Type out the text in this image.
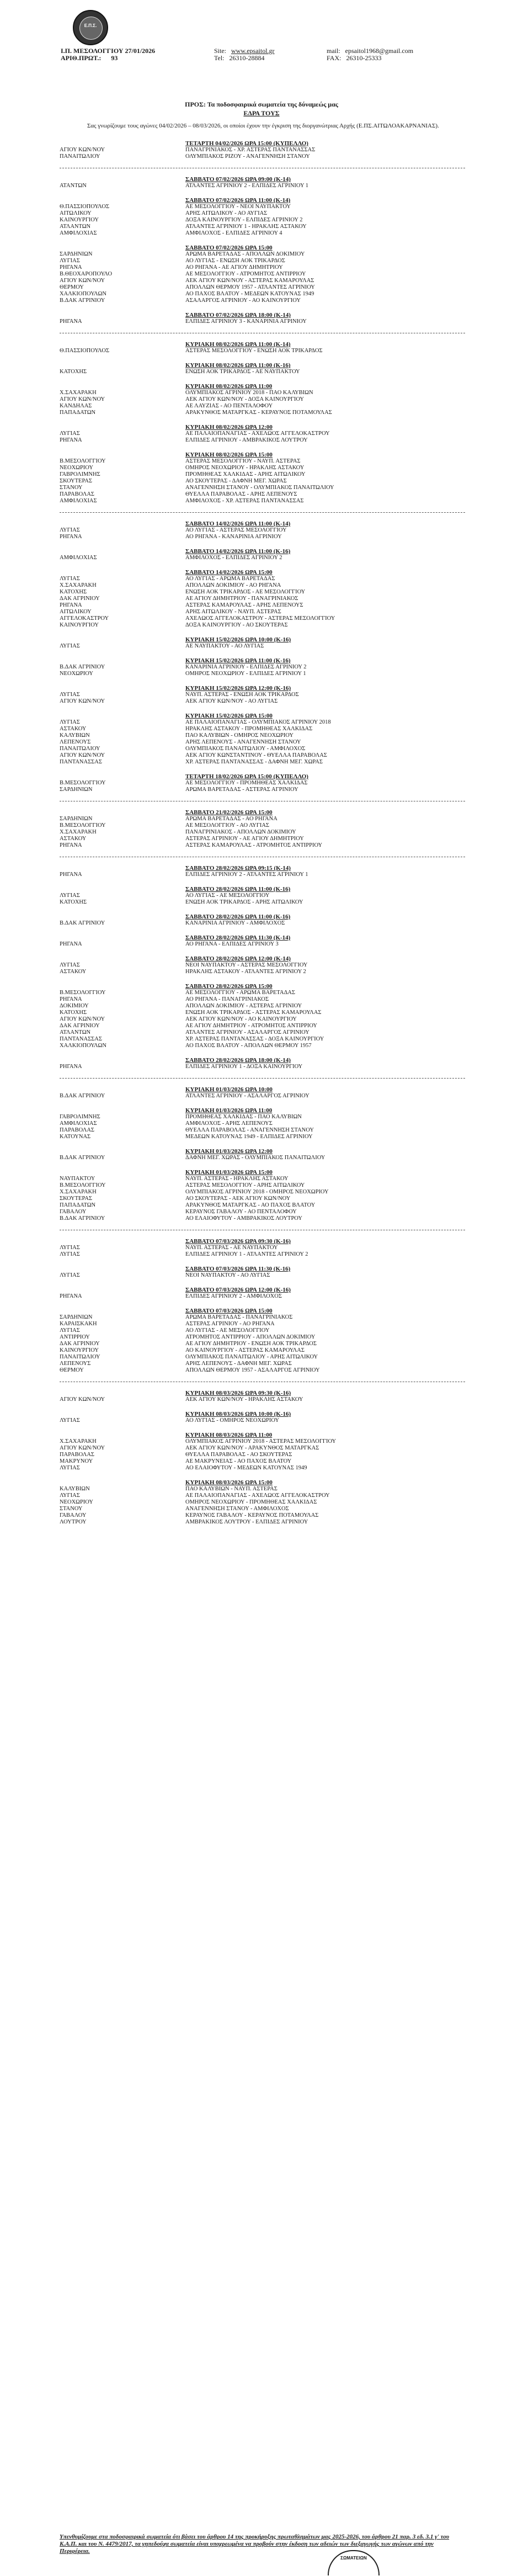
Ε.Π.Σ.
Ι.Π. ΜΕΣΟΛΟΓΓΙΟΥ 27/01/2026
ΑΡΙΘ.ΠΡΩΤ.: 93
Site: www.epsaitol.gr
Tel: 26310-28884
mail: epsaitol1968@gmail.com
FAX: 26310-25333
ΠΡΟΣ: Τα ποδοσφαιρικά σωματεία της δύναμεώς μας
ΕΔΡΑ ΤΟΥΣ
Σας γνωρίζουμε τους αγώνες 04/02/2026 – 08/03/2026, οι οποίοι έχουν την έγκριση της διοργανώτριας Αρχής (Ε.ΠΣ.ΑΙΤΩΛΟΑΚΑΡΝΑΝΙΑΣ).
ΤΕΤΑΡΤΗ 04/02/2026 ΩΡΑ 15:00 (ΚΥΠΕΛΛΟ)
ΑΓΙΟΥ ΚΩΝ/ΝΟΥ	ΠΑΝΑΓΡΙΝΙΑΚΟΣ - ΧΡ. ΑΣΤΕΡΑΣ ΠΑΝΤΑΝΑΣΣΑΣ
ΠΑΝΑΙΤΩΛΙΟΥ	ΟΛΥΜΠΙΑΚΟΣ ΡΙΖΟΥ - ΑΝΑΓΕΝΝΗΣΗ ΣΤΑΝΟΥ
ΣΑΒΒΑΤΟ 07/02/2026 ΩΡΑ 09:00 (Κ-14)
ΑΤΑΝΤΩΝ	ΑΤΛΑΝΤΕΣ ΑΓΡΙΝΙΟΥ 2 - ΕΛΠΙΔΕΣ ΑΓΡΙΝΙΟΥ 1
ΣΑΒΒΑΤΟ 07/02/2026 ΩΡΑ 11:00 (Κ-14)
Θ.ΠΑΣΣΙΟΠΟΥΛΟΣ	ΑΕ ΜΕΣΟΛΟΓΓΙΟΥ - ΝΕΟΙ ΝΑΥΠΑΚΤΟΥ
ΑΙΤΩΛΙΚΟΥ	ΑΡΗΣ ΑΙΤΩΛΙΚΟΥ - ΑΟ ΑΥΓΙΑΣ
ΚΑΙΝΟΥΡΓΙΟΥ	ΔΟΞΑ ΚΑΙΝΟΥΡΓΙΟΥ - ΕΛΠΙΔΕΣ ΑΓΡΙΝΙΟΥ 2
ΑΤΛΑΝΤΩΝ	ΑΤΛΑΝΤΕΣ ΑΓΡΙΝΙΟΥ 1 - ΗΡΑΚΛΗΣ ΑΣΤΑΚΟΥ
ΑΜΦΙΛΟΧΙΑΣ	ΑΜΦΙΛΟΧΟΣ - ΕΛΠΙΔΕΣ ΑΓΡΙΝΙΟΥ 4
ΣΑΒΒΑΤΟ 07/02/2026 ΩΡΑ 15:00
ΣΑΡΔΗΝΙΩΝ	ΑΡΩΜΑ ΒΑΡΕΤΑΔΑΣ - ΑΠΟΛΛΩΝ ΔΟΚΙΜΙΟΥ
ΛΥΓΙΑΣ	ΑΟ ΛΥΓΙΑΣ - ΕΝΩΣΗ ΑΟΚ ΤΡΙΚΑΡΔΟΣ
ΡΗΓΑΝΑ	ΑΟ ΡΗΓΑΝΑ - ΑΕ ΑΓΙΟΥ ΔΗΜΗΤΡΙΟΥ
Β.ΘΕΟΧΑΡΟΠΟΥΛΟ	ΑΕ ΜΕΣΟΛΟΓΓΙΟΥ - ΑΤΡΟΜΗΤΟΣ ΑΝΤΙΡΡΙΟΥ
ΑΓΙΟΥ ΚΩΝ/ΝΟΥ	ΑΕΚ ΑΓΙΟΥ ΚΩΝ/ΝΟΥ - ΑΣΤΕΡΑΣ ΚΑΜΑΡΟΥΛΑΣ
ΘΕΡΜΟΥ	ΑΠΟΛΛΩΝ ΘΕΡΜΟΥ 1957 - ΑΤΛΑΝΤΕΣ ΑΓΡΙΝΙΟΥ
ΧΑΛΚΙΟΠΟΥΛΩΝ	ΑΟ ΠΑΧΟΣ ΒΛΑΤΟΥ - ΜΕΔΕΩΝ ΚΑΤΟΥΝΑΣ 1949
Β.ΔΑΚ ΑΓΡΙΝΙΟΥ	ΑΣΑΛΑΡΓΟΣ ΑΓΡΙΝΙΟΥ - ΑΟ ΚΑΙΝΟΥΡΓΙΟΥ
ΣΑΒΒΑΤΟ 07/02/2026 ΩΡΑ 18:00 (Κ-14)
ΡΗΓΑΝΑ	ΕΛΠΙΔΕΣ ΑΓΡΙΝΙΟΥ 3 - ΚΑΝΑΡΙΝΙΑ ΑΓΡΙΝΙΟΥ
ΚΥΡΙΑΚΗ 08/02/2026 ΩΡΑ 11:00 (Κ-14)
Θ.ΠΑΣΣΙΟΠΟΥΛΟΣ	ΑΣΤΕΡΑΣ ΜΕΣΟΛΟΓΓΙΟΥ - ΕΝΩΣΗ ΑΟΚ ΤΡΙΚΑΡΔΟΣ
ΚΥΡΙΑΚΗ 08/02/2026 ΩΡΑ 11:00 (Κ-16)
ΚΑΤΟΧΗΣ	ΕΝΩΣΗ ΑΟΚ ΤΡΙΚΑΡΔΟΣ - ΑΕ ΝΑΥΠΑΚΤΟΥ
ΚΥΡΙΑΚΗ 08/02/2026 ΩΡΑ 11:00
Χ.ΣΑΧΑΡΑΚΗ	ΟΛΥΜΠΙΑΚΟΣ ΑΓΡΙΝΙΟΥ 2018 - ΠΑΟ ΚΑΛΥΒΙΩΝ
ΑΓΙΟΥ ΚΩΝ/ΝΟΥ	ΑΕΚ ΑΓΙΟΥ ΚΩΝ/ΝΟΥ - ΔΟΞΑ ΚΑΙΝΟΥΡΓΙΟΥ
ΚΑΝΔΗΛΑΣ	ΑΕ ΛΑΥΖΙΑΣ - ΑΟ ΠΕΝΤΑΛΟΦΟΥ
ΠΑΠΑΔΑΤΩΝ	ΑΡΑΚΥΝΘΟΣ ΜΑΤΑΡΓΚΑΣ - ΚΕΡΑΥΝΟΣ ΠΟΤΑΜΟΥΛΑΣ
ΚΥΡΙΑΚΗ 08/02/2026 ΩΡΑ 12:00
ΛΥΓΙΑΣ	ΑΕ ΠΑΛΑΙΟΠΑΝΑΓΙΑΣ - ΑΧΕΛΩΟΣ ΑΓΓΕΛΟΚΑΣΤΡΟΥ
ΡΗΓΑΝΑ	ΕΛΠΙΔΕΣ ΑΓΡΙΝΙΟΥ - ΑΜΒΡΑΚΙΚΟΣ ΛΟΥΤΡΟΥ
ΚΥΡΙΑΚΗ 08/02/2026 ΩΡΑ 15:00
Β.ΜΕΣΟΛΟΓΓΙΟΥ	ΑΣΤΕΡΑΣ ΜΕΣΟΛΟΓΓΙΟΥ - ΝΑΥΠ. ΑΣΤΕΡΑΣ
ΝΕΟΧΩΡΙΟΥ	ΟΜΗΡΟΣ ΝΕΟΧΩΡΙΟΥ - ΗΡΑΚΛΗΣ ΑΣΤΑΚΟΥ
ΓΑΒΡΟΛΙΜΝΗΣ	ΠΡΟΜΗΘΕΑΣ ΧΑΛΚΙΔΑΣ - ΑΡΗΣ ΑΙΤΩΛΙΚΟΥ
ΣΚΟΥΤΕΡΑΣ	ΑΟ ΣΚΟΥΤΕΡΑΣ - ΔΑΦΝΗ ΜΕΓ. ΧΩΡΑΣ
ΣΤΑΝΟΥ	ΑΝΑΓΕΝΝΗΣΗ ΣΤΑΝΟΥ - ΟΛΥΜΠΙΑΚΟΣ ΠΑΝΑΙΤΩΛΙΟΥ
ΠΑΡΑΒΟΛΑΣ	ΘΥΕΛΛΑ ΠΑΡΑΒΟΛΑΣ - ΑΡΗΣ ΛΕΠΕΝΟΥΣ
ΑΜΦΙΛΟΧΙΑΣ	ΑΜΦΙΛΟΧΟΣ - ΧΡ. ΑΣΤΕΡΑΣ ΠΑΝΤΑΝΑΣΣΑΣ
ΣΑΒΒΑΤΟ 14/02/2026 ΩΡΑ 11:00 (Κ-14)
ΛΥΓΙΑΣ	ΑΟ ΛΥΓΙΑΣ - ΑΣΤΕΡΑΣ ΜΕΣΟΛΟΓΓΙΟΥ
ΡΗΓΑΝΑ	ΑΟ ΡΗΓΑΝΑ - ΚΑΝΑΡΙΝΙΑ ΑΓΡΙΝΙΟΥ
ΣΑΒΒΑΤΟ 14/02/2026 ΩΡΑ 11:00 (Κ-16)
ΑΜΦΙΛΟΧΙΑΣ	ΑΜΦΙΛΟΧΟΣ - ΕΛΠΙΔΕΣ ΑΓΡΙΝΙΟΥ 2
ΣΑΒΒΑΤΟ 14/02/2026 ΩΡΑ 15:00
ΛΥΓΙΑΣ	ΑΟ ΛΥΓΙΑΣ - ΑΡΩΜΑ ΒΑΡΕΤΑΔΑΣ
Χ.ΣΑΧΑΡΑΚΗ	ΑΠΟΛΛΩΝ ΔΟΚΙΜΙΟΥ - ΑΟ ΡΗΓΑΝΑ
ΚΑΤΟΧΗΣ	ΕΝΩΣΗ ΑΟΚ ΤΡΙΚΑΡΔΟΣ - ΑΕ ΜΕΣΟΛΟΓΓΙΟΥ
ΔΑΚ ΑΓΡΙΝΙΟΥ	ΑΕ ΑΓΙΟΥ ΔΗΜΗΤΡΙΟΥ - ΠΑΝΑΓΡΙΝΙΑΚΟΣ
ΡΗΓΑΝΑ	ΑΣΤΕΡΑΣ ΚΑΜΑΡΟΥΛΑΣ - ΑΡΗΣ ΛΕΠΕΝΟΥΣ
ΑΙΤΩΛΙΚΟΥ	ΑΡΗΣ ΑΙΤΩΛΙΚΟΥ - ΝΑΥΠ. ΑΣΤΕΡΑΣ
ΑΓΓΕΛΟΚΑΣΤΡΟΥ	ΑΧΕΛΩΟΣ ΑΓΓΕΛΟΚΑΣΤΡΟΥ - ΑΣΤΕΡΑΣ ΜΕΣΟΛΟΓΓΙΟΥ
ΚΑΙΝΟΥΡΓΙΟΥ	ΔΟΞΑ ΚΑΙΝΟΥΡΓΙΟΥ - ΑΟ ΣΚΟΥΤΕΡΑΣ
ΚΥΡΙΑΚΗ 15/02/2026 ΩΡΑ 10:00 (Κ-16)
ΛΥΓΙΑΣ	ΑΕ ΝΑΥΠΑΚΤΟΥ - ΑΟ ΛΥΓΙΑΣ
ΚΥΡΙΑΚΗ 15/02/2026 ΩΡΑ 11:00 (Κ-16)
Β.ΔΑΚ ΑΓΡΙΝΙΟΥ	ΚΑΝΑΡΙΝΙΑ ΑΓΡΙΝΙΟΥ - ΕΛΠΙΔΕΣ ΑΓΡΙΝΙΟΥ 2
ΝΕΟΧΩΡΙΟΥ	ΟΜΗΡΟΣ ΝΕΟΧΩΡΙΟΥ - ΕΛΠΙΔΕΣ ΑΓΡΙΝΙΟΥ 1
ΚΥΡΙΑΚΗ 15/02/2026 ΩΡΑ 12:00 (Κ-16)
ΛΥΓΙΑΣ	ΝΑΥΠ. ΑΣΤΕΡΑΣ - ΕΝΩΣΗ ΑΟΚ ΤΡΙΚΑΡΔΟΣ
ΑΓΙΟΥ ΚΩΝ/ΝΟΥ	ΑΕΚ ΑΓΙΟΥ ΚΩΝ/ΝΟΥ - ΑΟ ΛΥΓΙΑΣ
ΚΥΡΙΑΚΗ 15/02/2026 ΩΡΑ 15:00
ΛΥΓΙΑΣ	ΑΕ ΠΑΛΑΙΟΠΑΝΑΓΙΑΣ - ΟΛΥΜΠΙΑΚΟΣ ΑΓΡΙΝΙΟΥ 2018
ΑΣΤΑΚΟΥ	ΗΡΑΚΛΗΣ ΑΣΤΑΚΟΥ - ΠΡΟΜΗΘΕΑΣ ΧΑΛΚΙΔΑΣ
ΚΑΛΥΒΙΩΝ	ΠΑΟ ΚΑΛΥΒΙΩΝ - ΟΜΗΡΟΣ ΝΕΟΧΩΡΙΟΥ
ΛΕΠΕΝΟΥΣ	ΑΡΗΣ ΛΕΠΕΝΟΥΣ - ΑΝΑΓΕΝΝΗΣΗ ΣΤΑΝΟΥ
ΠΑΝΑΙΤΩΛΙΟΥ	ΟΛΥΜΠΙΑΚΟΣ ΠΑΝΑΙΤΩΛΙΟΥ - ΑΜΦΙΛΟΧΟΣ
ΑΓΙΟΥ ΚΩΝ/ΝΟΥ	ΑΕΚ ΑΓΙΟΥ ΚΩΝΣΤΑΝΤΙΝΟΥ - ΘΥΕΛΛΑ ΠΑΡΑΒΟΛΑΣ
ΠΑΝΤΑΝΑΣΣΑΣ	ΧΡ. ΑΣΤΕΡΑΣ ΠΑΝΤΑΝΑΣΣΑΣ - ΔΑΦΝΗ ΜΕΓ. ΧΩΡΑΣ
ΤΕΤΑΡΤΗ 18/02/2026 ΩΡΑ 15:00 (ΚΥΠΕΛΛΟ)
Β.ΜΕΣΟΛΟΓΓΙΟΥ	ΑΕ ΜΕΣΟΛΟΓΓΙΟΥ - ΠΡΟΜΗΘΕΑΣ ΧΑΛΚΙΔΑΣ
ΣΑΡΔΗΝΙΩΝ	ΑΡΩΜΑ ΒΑΡΕΤΑΔΑΣ - ΑΣΤΕΡΑΣ ΑΓΡΙΝΙΟΥ
ΣΑΒΒΑΤΟ 21/02/2026 ΩΡΑ 15:00
ΣΑΡΔΗΝΙΩΝ	ΑΡΩΜΑ ΒΑΡΕΤΑΔΑΣ - ΑΟ ΡΗΓΑΝΑ
Β.ΜΕΣΟΛΟΓΓΙΟΥ	ΑΕ ΜΕΣΟΛΟΓΓΙΟΥ - ΑΟ ΛΥΓΙΑΣ
Χ.ΣΑΧΑΡΑΚΗ	ΠΑΝΑΓΡΙΝΙΑΚΟΣ - ΑΠΟΛΛΩΝ ΔΟΚΙΜΙΟΥ
ΑΣΤΑΚΟΥ	ΑΣΤΕΡΑΣ ΑΓΡΙΝΙΟΥ - ΑΕ ΑΓΙΟΥ ΔΗΜΗΤΡΙΟΥ
ΡΗΓΑΝΑ	ΑΣΤΕΡΑΣ ΚΑΜΑΡΟΥΛΑΣ - ΑΤΡΟΜΗΤΟΣ ΑΝΤΙΡΡΙΟΥ
ΣΑΒΒΑΤΟ 28/02/2026 ΩΡΑ 09:15 (Κ-14)
ΡΗΓΑΝΑ	ΕΛΠΙΔΕΣ ΑΓΡΙΝΙΟΥ 2 - ΑΤΛΑΝΤΕΣ ΑΓΡΙΝΙΟΥ 1
ΣΑΒΒΑΤΟ 28/02/2026 ΩΡΑ 11:00 (Κ-16)
ΛΥΓΙΑΣ	ΑΟ ΛΥΓΙΑΣ - ΑΕ ΜΕΣΟΛΟΓΓΙΟΥ
ΚΑΤΟΧΗΣ	ΕΝΩΣΗ ΑΟΚ ΤΡΙΚΑΡΔΟΣ - ΑΡΗΣ ΑΙΤΩΛΙΚΟΥ
ΣΑΒΒΑΤΟ 28/02/2026 ΩΡΑ 11:00 (Κ-16)
Β.ΔΑΚ ΑΓΡΙΝΙΟΥ	ΚΑΝΑΡΙΝΙΑ ΑΓΡΙΝΙΟΥ - ΑΜΦΙΛΟΧΟΣ
ΣΑΒΒΑΤΟ 28/02/2026 ΩΡΑ 11:30 (Κ-14)
ΡΗΓΑΝΑ	ΑΟ ΡΗΓΑΝΑ - ΕΛΠΙΔΕΣ ΑΓΡΙΝΙΟΥ 3
ΣΑΒΒΑΤΟ 28/02/2026 ΩΡΑ 12:00 (Κ-14)
ΛΥΓΙΑΣ	ΝΕΟΙ ΝΑΥΠΑΚΤΟΥ - ΑΣΤΕΡΑΣ ΜΕΣΟΛΟΓΓΙΟΥ
ΑΣΤΑΚΟΥ	ΗΡΑΚΛΗΣ ΑΣΤΑΚΟΥ - ΑΤΛΑΝΤΕΣ ΑΓΡΙΝΙΟΥ 2
ΣΑΒΒΑΤΟ 28/02/2026 ΩΡΑ 15:00
Β.ΜΕΣΟΛΟΓΓΙΟΥ	ΑΕ ΜΕΣΟΛΟΓΓΙΟΥ - ΑΡΩΜΑ ΒΑΡΕΤΑΔΑΣ
ΡΗΓΑΝΑ	ΑΟ ΡΗΓΑΝΑ - ΠΑΝΑΓΡΙΝΙΑΚΟΣ
ΔΟΚΙΜΙΟΥ	ΑΠΟΛΛΩΝ ΔΟΚΙΜΙΟΥ - ΑΣΤΕΡΑΣ ΑΓΡΙΝΙΟΥ
ΚΑΤΟΧΗΣ	ΕΝΩΣΗ ΑΟΚ ΤΡΙΚΑΡΔΟΣ - ΑΣΤΕΡΑΣ ΚΑΜΑΡΟΥΛΑΣ
ΑΓΙΟΥ ΚΩΝ/ΝΟΥ	ΑΕΚ ΑΓΙΟΥ ΚΩΝ/ΝΟΥ - ΑΟ ΚΑΙΝΟΥΡΓΙΟΥ
ΔΑΚ ΑΓΡΙΝΙΟΥ	ΑΕ ΑΓΙΟΥ ΔΗΜΗΤΡΙΟΥ - ΑΤΡΟΜΗΤΟΣ ΑΝΤΙΡΡΙΟΥ
ΑΤΛΑΝΤΩΝ	ΑΤΛΑΝΤΕΣ ΑΓΡΙΝΙΟΥ - ΑΣΑΛΑΡΓΟΣ ΑΓΡΙΝΙΟΥ
ΠΑΝΤΑΝΑΣΣΑΣ	ΧΡ. ΑΣΤΕΡΑΣ ΠΑΝΤΑΝΑΣΣΑΣ - ΔΟΞΑ ΚΑΙΝΟΥΡΓΙΟΥ
ΧΑΛΚΙΟΠΟΥΛΩΝ	ΑΟ ΠΑΧΟΣ ΒΛΑΤΟΥ - ΑΠΟΛΛΩΝ ΘΕΡΜΟΥ 1957
ΣΑΒΒΑΤΟ 28/02/2026 ΩΡΑ 18:00 (Κ-14)
ΡΗΓΑΝΑ	ΕΛΠΙΔΕΣ ΑΓΡΙΝΙΟΥ 1 - ΔΟΞΑ ΚΑΙΝΟΥΡΓΙΟΥ
ΚΥΡΙΑΚΗ 01/03/2026 ΩΡΑ 10:00
Β.ΔΑΚ ΑΓΡΙΝΙΟΥ	ΑΤΛΑΝΤΕΣ ΑΓΡΙΝΙΟΥ - ΑΣΑΛΑΡΓΟΣ ΑΓΡΙΝΙΟΥ
ΚΥΡΙΑΚΗ 01/03/2026 ΩΡΑ 11:00
ΓΑΒΡΟΛΙΜΝΗΣ	ΠΡΟΜΗΘΕΑΣ ΧΑΛΚΙΔΑΣ - ΠΑΟ ΚΑΛΥΒΙΩΝ
ΑΜΦΙΛΟΧΙΑΣ	ΑΜΦΙΛΟΧΟΣ - ΑΡΗΣ ΛΕΠΕΝΟΥΣ
ΠΑΡΑΒΟΛΑΣ	ΘΥΕΛΛΑ ΠΑΡΑΒΟΛΑΣ - ΑΝΑΓΕΝΝΗΣΗ ΣΤΑΝΟΥ
ΚΑΤΟΥΝΑΣ	ΜΕΔΕΩΝ ΚΑΤΟΥΝΑΣ 1949 - ΕΛΠΙΔΕΣ ΑΓΡΙΝΙΟΥ
ΚΥΡΙΑΚΗ 01/03/2026 ΩΡΑ 12:00
Β.ΔΑΚ ΑΓΡΙΝΙΟΥ	ΔΑΦΝΗ ΜΕΓ. ΧΩΡΑΣ - ΟΛΥΜΠΙΑΚΟΣ ΠΑΝΑΙΤΩΛΙΟΥ
ΚΥΡΙΑΚΗ 01/03/2026 ΩΡΑ 15:00
ΝΑΥΠΑΚΤΟΥ	ΝΑΥΠ. ΑΣΤΕΡΑΣ - ΗΡΑΚΛΗΣ ΑΣΤΑΚΟΥ
Β.ΜΕΣΟΛΟΓΓΙΟΥ	ΑΣΤΕΡΑΣ ΜΕΣΟΛΟΓΓΙΟΥ - ΑΡΗΣ ΑΙΤΩΛΙΚΟΥ
Χ.ΣΑΧΑΡΑΚΗ	ΟΛΥΜΠΙΑΚΟΣ ΑΓΡΙΝΙΟΥ 2018 - ΟΜΗΡΟΣ ΝΕΟΧΩΡΙΟΥ
ΣΚΟΥΤΕΡΑΣ	ΑΟ ΣΚΟΥΤΕΡΑΣ - ΑΕΚ ΑΓΙΟΥ ΚΩΝ/ΝΟΥ
ΠΑΠΑΔΑΤΩΝ	ΑΡΑΚΥΝΘΟΣ ΜΑΤΑΡΓΚΑΣ - ΑΟ ΠΑΧΟΣ ΒΛΑΤΟΥ
ΓΑΒΑΛΟΥ	ΚΕΡΑΥΝΟΣ ΓΑΒΑΛΟΥ - ΑΟ ΠΕΝΤΑΛΟΦΟΥ
Β.ΔΑΚ ΑΓΡΙΝΙΟΥ	ΑΟ ΕΛΑΙΟΦΥΤΟΥ - ΑΜΒΡΑΚΙΚΟΣ ΛΟΥΤΡΟΥ
ΣΑΒΒΑΤΟ 07/03/2026 ΩΡΑ 09:30 (Κ-16)
ΛΥΓΙΑΣ	ΝΑΥΠ. ΑΣΤΕΡΑΣ - ΑΕ ΝΑΥΠΑΚΤΟΥ
ΛΥΓΙΑΣ	ΕΛΠΙΔΕΣ ΑΓΡΙΝΙΟΥ 1 - ΑΤΛΑΝΤΕΣ ΑΓΡΙΝΙΟΥ 2
ΣΑΒΒΑΤΟ 07/03/2026 ΩΡΑ 11:30 (Κ-16)
ΛΥΓΙΑΣ	ΝΕΟΙ ΝΑΥΠΑΚΤΟΥ - ΑΟ ΛΥΓΙΑΣ
ΣΑΒΒΑΤΟ 07/03/2026 ΩΡΑ 12:00 (Κ-16)
ΡΗΓΑΝΑ	ΕΛΠΙΔΕΣ ΑΓΡΙΝΙΟΥ 2 - ΑΜΦΙΛΟΧΟΣ
ΣΑΒΒΑΤΟ 07/03/2026 ΩΡΑ 15:00
ΣΑΡΔΗΝΙΩΝ	ΑΡΩΜΑ ΒΑΡΕΤΑΔΑΣ - ΠΑΝΑΓΡΙΝΙΑΚΟΣ
ΚΑΡΑΙΣΚΑΚΗ	ΑΣΤΕΡΑΣ ΑΓΡΙΝΙΟΥ - ΑΟ ΡΗΓΑΝΑ
ΛΥΓΙΑΣ	ΑΟ ΛΥΓΙΑΣ - ΑΕ ΜΕΣΟΛΟΓΓΙΟΥ
ΑΝΤΙΡΡΙΟΥ	ΑΤΡΟΜΗΤΟΣ ΑΝΤΙΡΡΙΟΥ - ΑΠΟΛΛΩΝ ΔΟΚΙΜΙΟΥ
ΔΑΚ ΑΓΡΙΝΙΟΥ	ΑΕ ΑΓΙΟΥ ΔΗΜΗΤΡΙΟΥ - ΕΝΩΣΗ ΑΟΚ ΤΡΙΚΑΡΔΟΣ
ΚΑΙΝΟΥΡΓΙΟΥ	ΑΟ ΚΑΙΝΟΥΡΓΙΟΥ - ΑΣΤΕΡΑΣ ΚΑΜΑΡΟΥΛΑΣ
ΠΑΝΑΙΤΩΛΙΟΥ	ΟΛΥΜΠΙΑΚΟΣ ΠΑΝΑΙΤΩΛΙΟΥ - ΑΡΗΣ ΑΙΤΩΛΙΚΟΥ
ΛΕΠΕΝΟΥΣ	ΑΡΗΣ ΛΕΠΕΝΟΥΣ - ΔΑΦΝΗ ΜΕΓ. ΧΩΡΑΣ
ΘΕΡΜΟΥ	ΑΠΟΛΛΩΝ ΘΕΡΜΟΥ 1957 - ΑΣΑΛΑΡΓΟΣ ΑΓΡΙΝΙΟΥ
ΚΥΡΙΑΚΗ 08/03/2026 ΩΡΑ 09:30 (Κ-16)
ΑΓΙΟΥ ΚΩΝ/ΝΟΥ	ΑΕΚ ΑΓΙΟΥ ΚΩΝ/ΝΟΥ - ΗΡΑΚΛΗΣ ΑΣΤΑΚΟΥ
ΚΥΡΙΑΚΗ 08/03/2026 ΩΡΑ 10:00 (Κ-16)
ΛΥΓΙΑΣ	ΑΟ ΛΥΓΙΑΣ - ΟΜΗΡΟΣ ΝΕΟΧΩΡΙΟΥ
ΚΥΡΙΑΚΗ 08/03/2026 ΩΡΑ 11:00
Χ.ΣΑΧΑΡΑΚΗ	ΟΛΥΜΠΙΑΚΟΣ ΑΓΡΙΝΙΟΥ 2018 - ΑΣΤΕΡΑΣ ΜΕΣΟΛΟΓΓΙΟΥ
ΑΓΙΟΥ ΚΩΝ/ΝΟΥ	ΑΕΚ ΑΓΙΟΥ ΚΩΝ/ΝΟΥ - ΑΡΑΚΥΝΘΟΣ ΜΑΤΑΡΓΚΑΣ
ΠΑΡΑΒΟΛΑΣ	ΘΥΕΛΛΑ ΠΑΡΑΒΟΛΑΣ - ΑΟ ΣΚΟΥΤΕΡΑΣ
ΜΑΚΡΥΝΟΥ	ΑΕ ΜΑΚΡΥΝΕΙΑΣ - ΑΟ ΠΑΧΟΣ ΒΛΑΤΟΥ
ΛΥΓΙΑΣ	ΑΟ ΕΛΑΙΟΦΥΤΟΥ - ΜΕΔΕΩΝ ΚΑΤΟΥΝΑΣ 1949
ΚΥΡΙΑΚΗ 08/03/2026 ΩΡΑ 15:00
ΚΑΛΥΒΙΩΝ	ΠΑΟ ΚΑΛΥΒΙΩΝ - ΝΑΥΠ. ΑΣΤΕΡΑΣ
ΛΥΓΙΑΣ	ΑΕ ΠΑΛΑΙΟΠΑΝΑΓΙΑΣ - ΑΧΕΛΩΟΣ ΑΓΓΕΛΟΚΑΣΤΡΟΥ
ΝΕΟΧΩΡΙΟΥ	ΟΜΗΡΟΣ ΝΕΟΧΩΡΙΟΥ - ΠΡΟΜΗΘΕΑΣ ΧΑΛΚΙΔΑΣ
ΣΤΑΝΟΥ	ΑΝΑΓΕΝΝΗΣΗ ΣΤΑΝΟΥ - ΑΜΦΙΛΟΧΟΣ
ΓΑΒΑΛΟΥ	ΚΕΡΑΥΝΟΣ ΓΑΒΑΛΟΥ - ΚΕΡΑΥΝΟΣ ΠΟΤΑΜΟΥΛΑΣ
ΛΟΥΤΡΟΥ	ΑΜΒΡΑΚΙΚΟΣ ΛΟΥΤΡΟΥ - ΕΛΠΙΔΕΣ ΑΓΡΙΝΙΟΥ
Υπενθυμίζουμε στα ποδοσφαιρικά σωματεία ότι βάσει του άρθρου 14 της προκήρυξης πρωταθλημάτων μας 2025-2026, του άρθρου 21 παρ. 3 εδ. 3.1 γ' του Κ.Α.Π. και του Ν. 4479/2017, τα γηπεδούχα σωματεία είναι υποχρεωμένα να προβούν στην έκδοση των αδειών των διεξαγωγής των αγώνων από την Περιφέρεια.
ΣΩΜΑΤΕΙΩΝ
